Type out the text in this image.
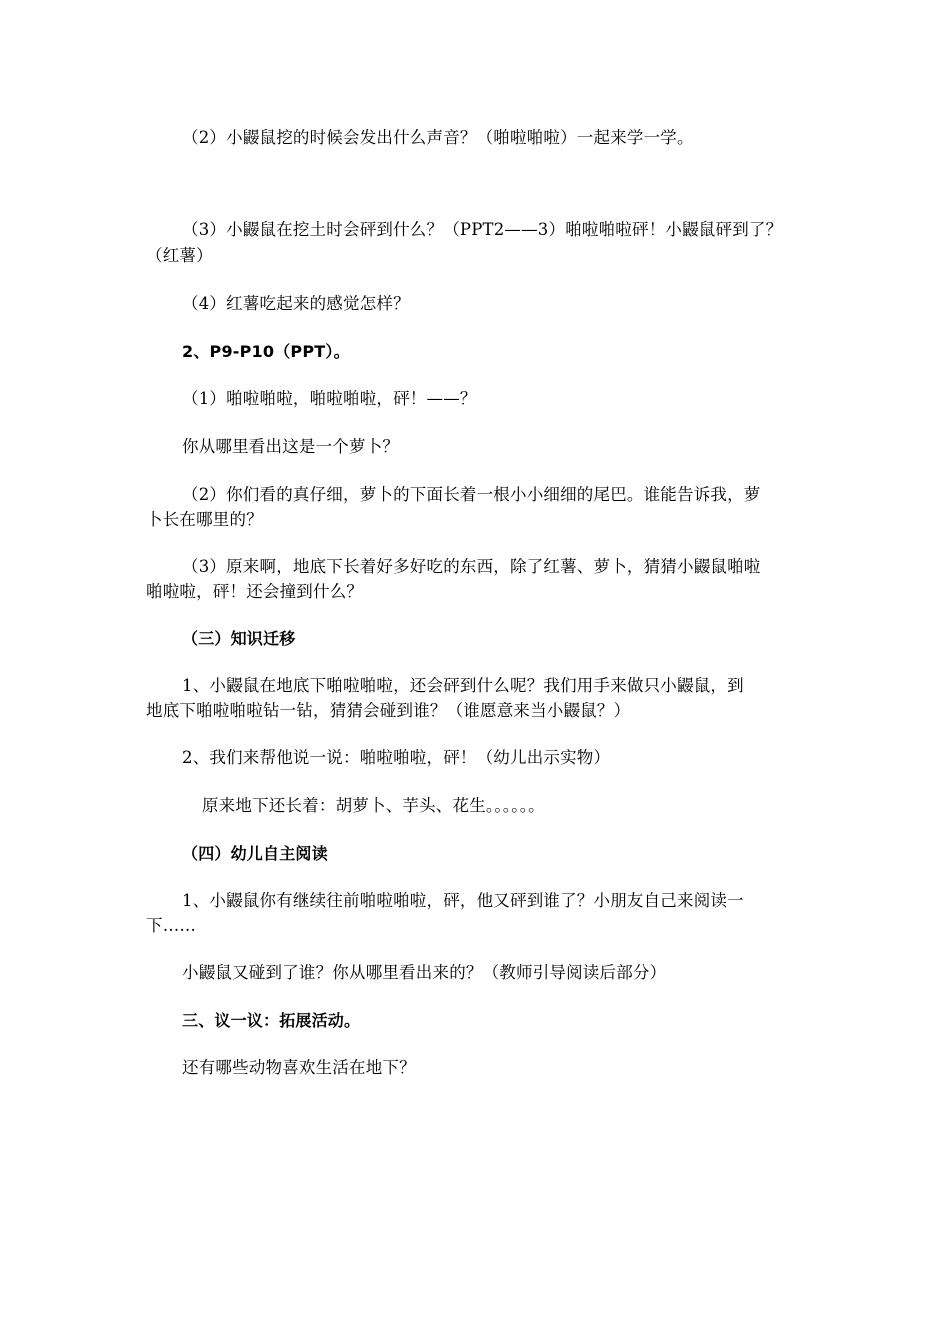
（2）小鼹鼠挖的时候会发出什么声音？（啪啦啪啦）一起来学一学。
（3）小鼹鼠在挖土时会砰到什么？（PPT2——3）啪啦啪啦砰！小鼹鼠砰到了？
（红薯）
（4）红薯吃起来的感觉怎样？
2、P9-P10（PPT）。
（1）啪啦啪啦，啪啦啪啦，砰！——？
你从哪里看出这是一个萝卜？
（2）你们看的真仔细，萝卜的下面长着一根小小细细的尾巴。谁能告诉我，萝
卜长在哪里的？
（3）原来啊，地底下长着好多好吃的东西，除了红薯、萝卜，猜猜小鼹鼠啪啦
啪啦啦，砰！还会撞到什么？
（三）知识迁移
1、小鼹鼠在地底下啪啦啪啦，还会砰到什么呢？我们用手来做只小鼹鼠，到
地底下啪啦啪啦钻一钻，猜猜会碰到谁？（谁愿意来当小鼹鼠？）
2、我们来帮他说一说：啪啦啪啦，砰！（幼儿出示实物）
原来地下还长着：胡萝卜、芋头、花生。。。。。。
（四）幼儿自主阅读
1、小鼹鼠你有继续往前啪啦啪啦，砰，他又砰到谁了？小朋友自己来阅读一
下……
小鼹鼠又碰到了谁？你从哪里看出来的？（教师引导阅读后部分）
三、议一议：拓展活动。
还有哪些动物喜欢生活在地下？
